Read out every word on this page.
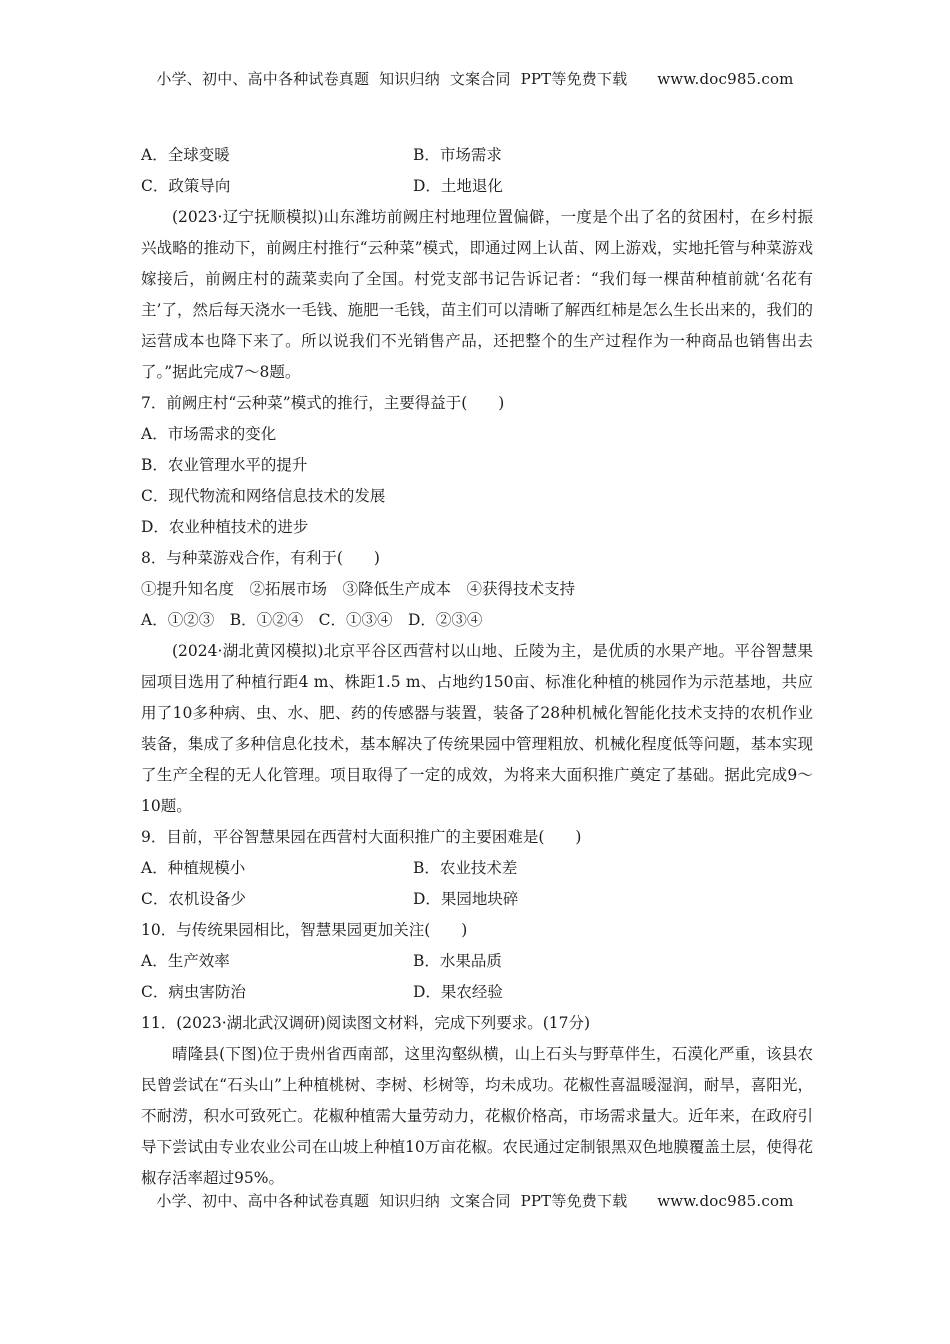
小学、初中、高中各种试卷真题  知识归纳  文案合同  PPT等免费下载      www.doc985.com
A．全球变暖	B．市场需求
C．政策导向	D．土地退化
(2023·辽宁抚顺模拟)山东潍坊前阙庄村地理位置偏僻，一度是个出了名的贫困村，在乡村振兴战略的推动下，前阙庄村推行“云种菜”模式，即通过网上认苗、网上游戏，实地托管与种菜游戏嫁接后，前阙庄村的蔬菜卖向了全国。村党支部书记告诉记者：“我们每一棵苗种植前就‘名花有主’了，然后每天浇水一毛钱、施肥一毛钱，苗主们可以清晰了解西红柿是怎么生长出来的，我们的运营成本也降下来了。所以说我们不光销售产品，还把整个的生产过程作为一种商品也销售出去了。”据此完成7～8题。
7．前阙庄村“云种菜”模式的推行，主要得益于(　　)
A．市场需求的变化
B．农业管理水平的提升
C．现代物流和网络信息技术的发展
D．农业种植技术的进步
8．与种菜游戏合作，有利于(　　)
①提升知名度　②拓展市场　③降低生产成本　④获得技术支持
A．①②③　B．①②④　C．①③④　D．②③④
(2024·湖北黄冈模拟)北京平谷区西营村以山地、丘陵为主，是优质的水果产地。平谷智慧果园项目选用了种植行距4 m、株距1.5 m、占地约150亩、标准化种植的桃园作为示范基地，共应用了10多种病、虫、水、肥、药的传感器与装置，装备了28种机械化智能化技术支持的农机作业装备，集成了多种信息化技术，基本解决了传统果园中管理粗放、机械化程度低等问题，基本实现了生产全程的无人化管理。项目取得了一定的成效，为将来大面积推广奠定了基础。据此完成9～10题。
9．目前，平谷智慧果园在西营村大面积推广的主要困难是(　　)
A．种植规模小	B．农业技术差
C．农机设备少	D．果园地块碎
10．与传统果园相比，智慧果园更加关注(　　)
A．生产效率	B．水果品质
C．病虫害防治	D．果农经验
11．(2023·湖北武汉调研)阅读图文材料，完成下列要求。(17分)
晴隆县(下图)位于贵州省西南部，这里沟壑纵横，山上石头与野草伴生，石漠化严重，该县农民曾尝试在“石头山”上种植桃树、李树、杉树等，均未成功。花椒性喜温暖湿润，耐旱，喜阳光，不耐涝，积水可致死亡。花椒种植需大量劳动力，花椒价格高，市场需求量大。近年来，在政府引导下尝试由专业农业公司在山坡上种植10万亩花椒。农民通过定制银黑双色地膜覆盖土层，使得花椒存活率超过95%。
小学、初中、高中各种试卷真题  知识归纳  文案合同  PPT等免费下载      www.doc985.com
